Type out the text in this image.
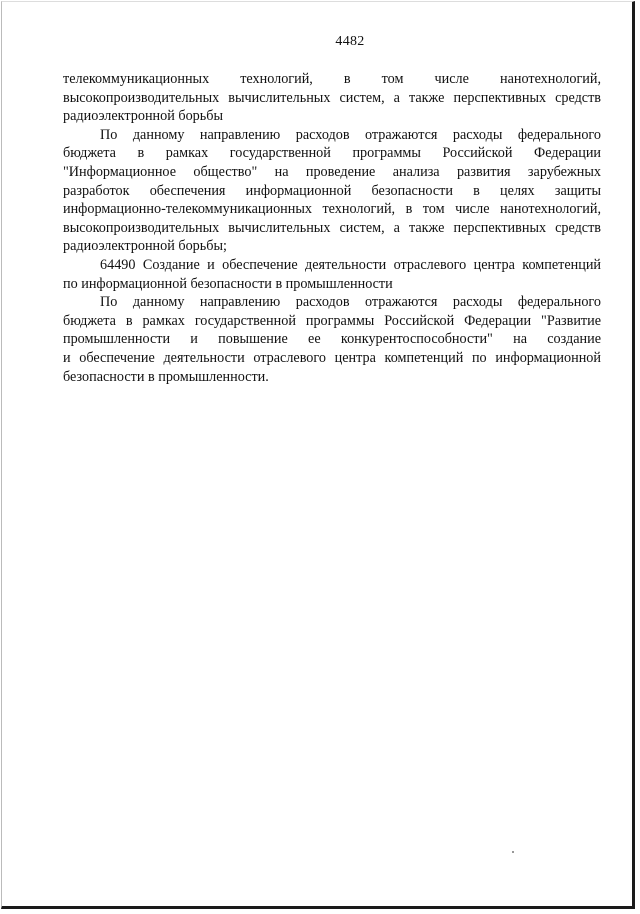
4482
телекоммуникационных технологий, в том числе нанотехнологий,
высокопроизводительных вычислительных систем, а также перспективных средств
радиоэлектронной борьбы
По данному направлению расходов отражаются расходы федерального
бюджета в рамках государственной программы Российской Федерации
"Информационное общество" на проведение анализа развития зарубежных
разработок обеспечения информационной безопасности в целях защиты
информационно-телекоммуникационных технологий, в том числе нанотехнологий,
высокопроизводительных вычислительных систем, а также перспективных средств
радиоэлектронной борьбы;
64490 Создание и обеспечение деятельности отраслевого центра компетенций
по информационной безопасности в промышленности
По данному направлению расходов отражаются расходы федерального
бюджета в рамках государственной программы Российской Федерации "Развитие
промышленности и повышение ее конкурентоспособности" на создание
и обеспечение деятельности отраслевого центра компетенций по информационной
безопасности в промышленности.
